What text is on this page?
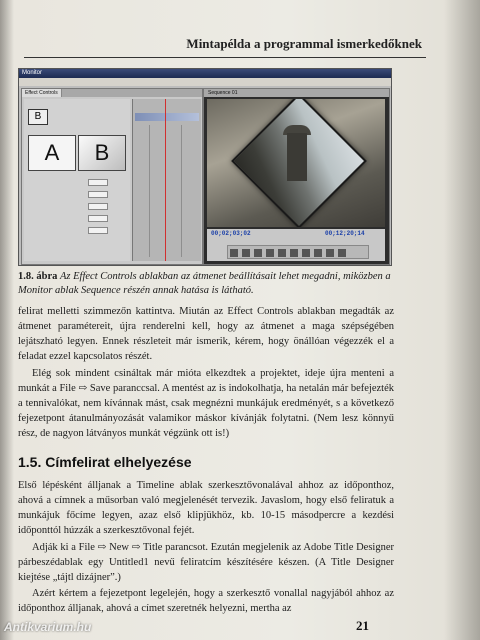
Mintapélda a programmal ismerkedőknek
Monitor
Effect Controls
B
A	B
Sequence 01
00;02;03;02	00;12;20;14
1.8. ábra Az Effect Controls ablakban az átmenet beállításait lehet megadni, miközben a Monitor ablak Sequence részén annak hatása is látható.
felirat melletti szimmezőn kattintva. Miután az Effect Controls ablakban megadták az átmenet paramétereit, újra renderelni kell, hogy az átmenet a maga szépségében lejátszható legyen. Ennek részleteit már ismerik, kérem, hogy önállóan végezzék el a feladat ezzel kapcsolatos részét.
Elég sok mindent csináltak már mióta elkezdtek a projektet, ideje újra menteni a munkát a File ⇨ Save paranccsal. A mentést az is indokolhatja, ha netalán már befejezték a tennivalókat, nem kívánnak mást, csak megnézni munkájuk eredményét, s a következő fejezetpont átanulmányozását valamikor máskor kívánják folytatni. (Nem lesz könnyű rész, de nagyon látványos munkát végzünk ott is!)
1.5. Címfelirat elhelyezése
Első lépésként álljanak a Timeline ablak szerkesztővonalával ahhoz az időponthoz, ahová a címnek a műsorban való megjelenését tervezik. Javaslom, hogy első feliratuk a munkájuk főcíme legyen, azaz első klipjükhöz, kb. 10-15 másodpercre a kezdési időponttól húzzák a szerkesztővonal fejét.
Adják ki a File ⇨ New ⇨ Title parancsot. Ezután megjelenik az Adobe Title Designer párbeszédablak egy Untitled1 nevű feliratcím készítésére készen. (A Title Designer kiejtése „tájtl dizájner”.)
Azért kértem a fejezetpont legelején, hogy a szerkesztő vonallal nagyjából ahhoz az időponthoz álljanak, ahová a címet szeretnék helyezni, mertha az
21
Antikvarium.hu
